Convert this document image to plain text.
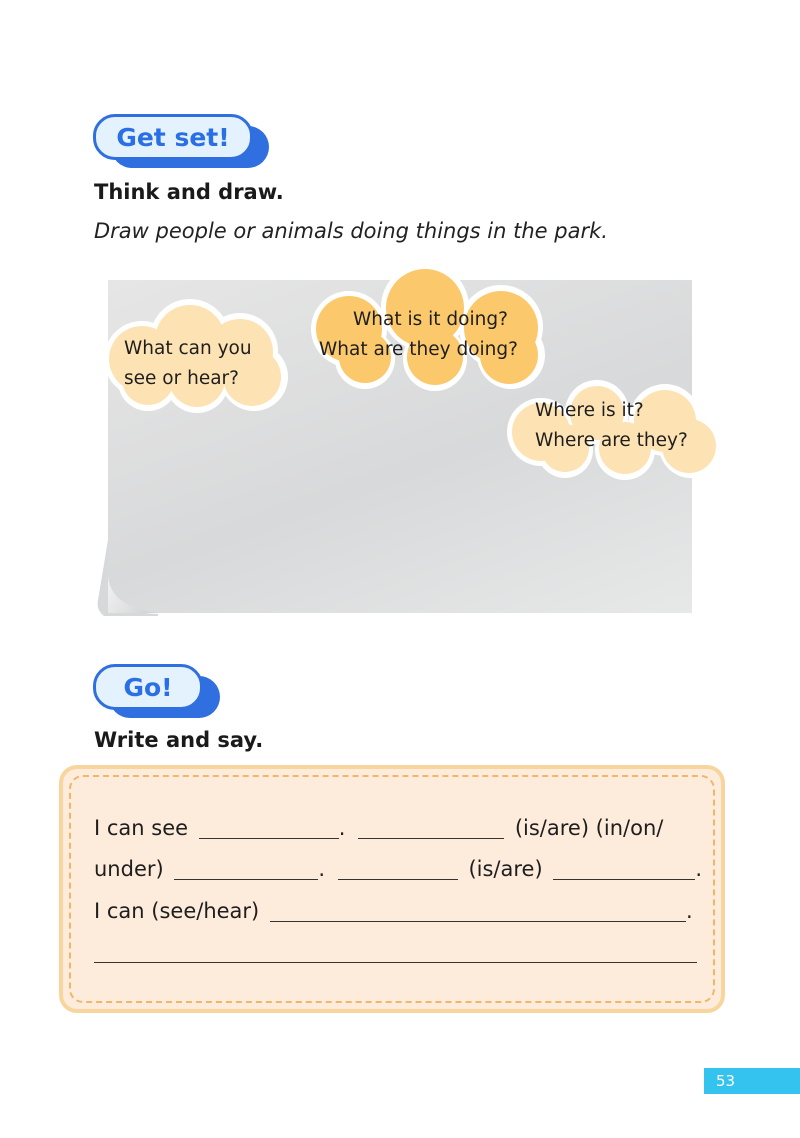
Get set!
Think and draw.
Draw people or animals doing things in the park.
What can you
see or hear?
What is it doing?
What are they doing?
Where is it?
Where are they?
Go!
Write and say.
I can see	.	(is/are) (in/on/
under)	.	(is/are)	.
I can (see/hear)	.
53
